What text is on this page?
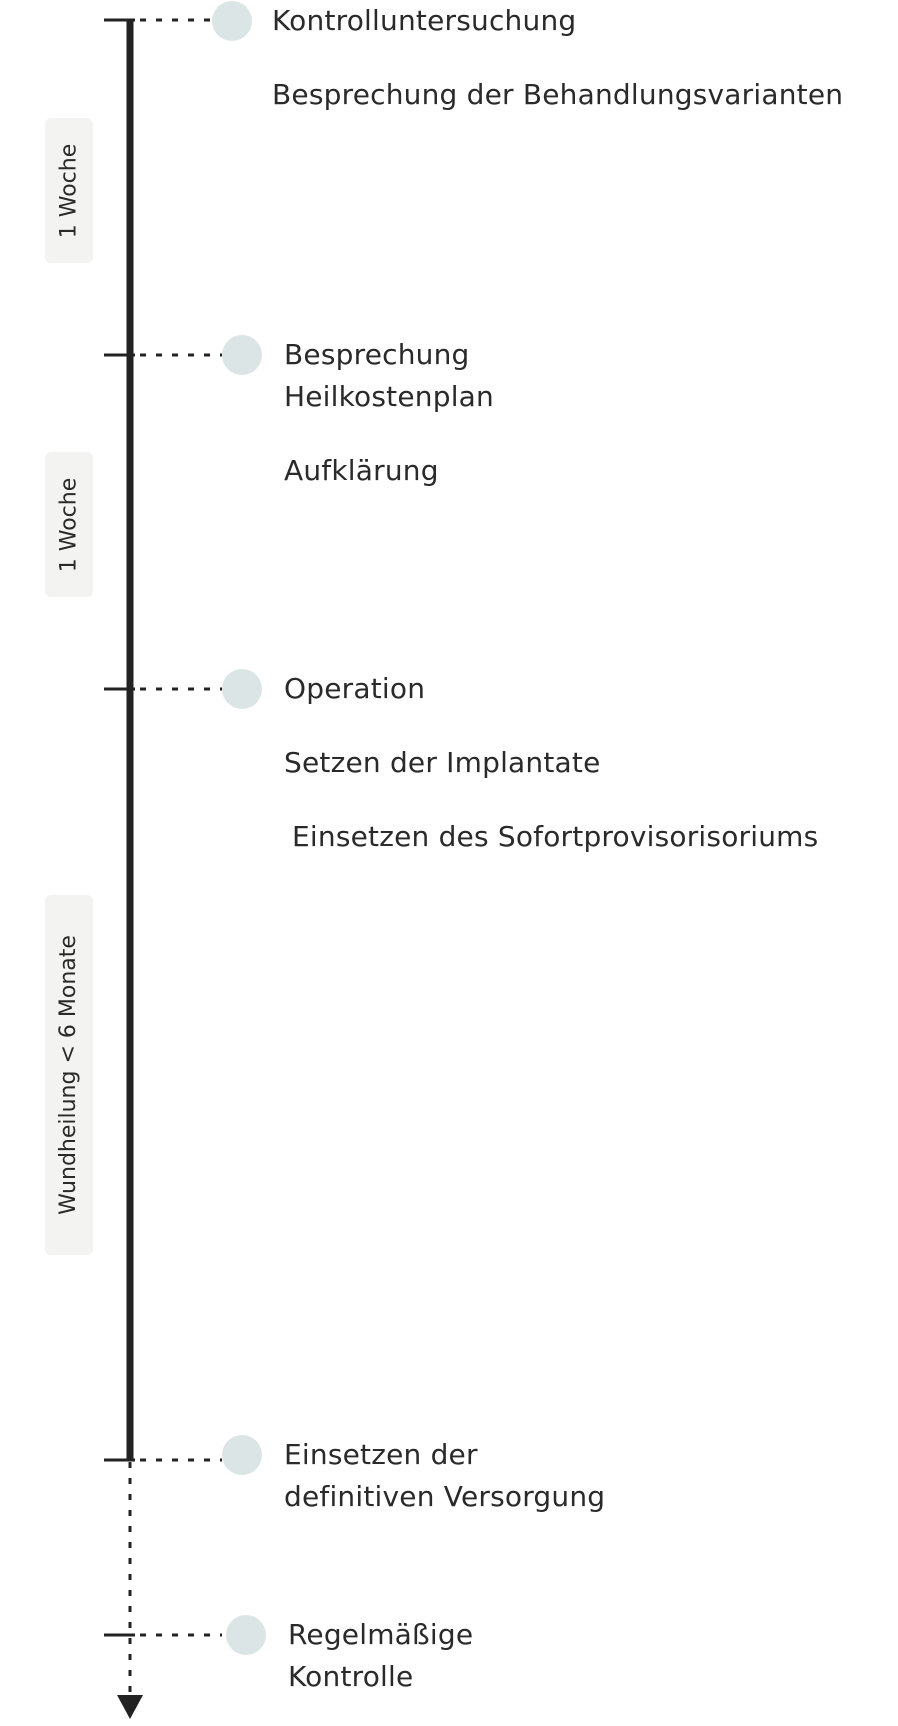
1 Woche
1 Woche
Wundheilung < 6 Monate

Kontrolluntersuchung

Besprechung der Behandlungsvarianten

Besprechung

Heilkostenplan

Aufklärung

Operation

Setzen der Implantate

Einsetzen des Sofortprovisorisoriums

Einsetzen der

definitiven Versorgung

Regelmäßige

Kontrolle
